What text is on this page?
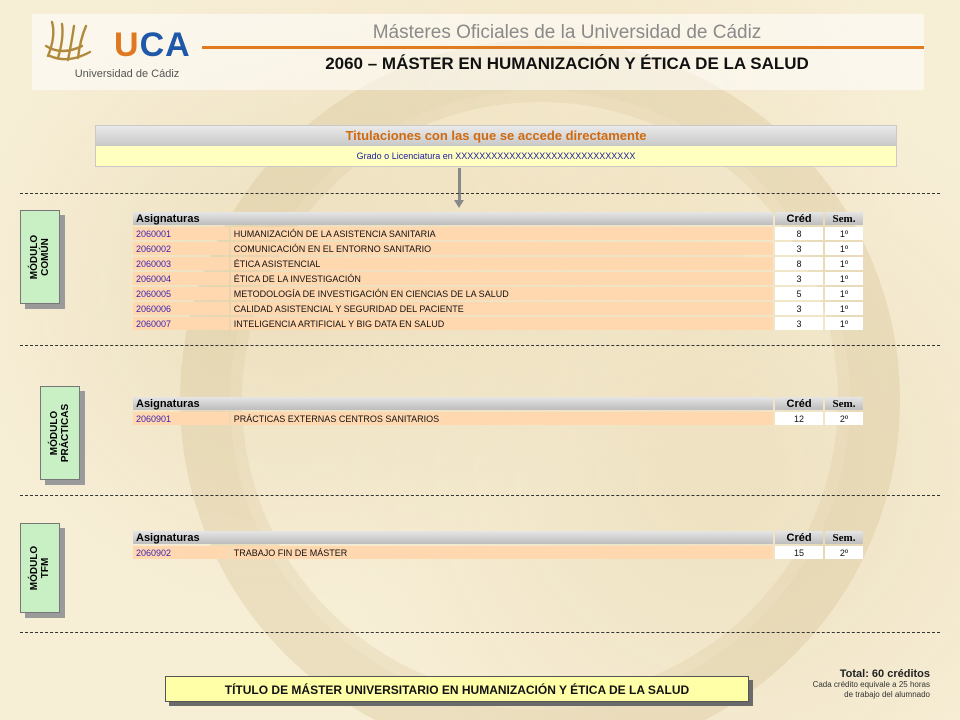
UCA
Universidad de Cádiz
Másteres Oficiales de la Universidad de Cádiz
2060 – MÁSTER EN HUMANIZACIÓN Y ÉTICA DE LA SALUD
Titulaciones con las que se accede directamente
Grado o Licenciatura en XXXXXXXXXXXXXXXXXXXXXXXXXXXXXX
MÓDULO COMÚN
Asignaturas		Créd	Sem.
2060001	HUMANIZACIÓN DE LA ASISTENCIA SANITARIA	8	1º
2060002	COMUNICACIÓN EN EL ENTORNO SANITARIO	3	1º
2060003	ÉTICA ASISTENCIAL	8	1º
2060004	ÉTICA DE LA INVESTIGACIÓN	3	1º
2060005	METODOLOGÍA DE INVESTIGACIÓN EN CIENCIAS DE LA SALUD	5	1º
2060006	CALIDAD ASISTENCIAL Y SEGURIDAD DEL PACIENTE	3	1º
2060007	INTELIGENCIA ARTIFICIAL Y BIG DATA EN SALUD	3	1º
MÓDULO PRÁCTICAS
Asignaturas		Créd	Sem.
2060901	PRÁCTICAS EXTERNAS CENTROS SANITARIOS	12	2º
MÓDULO TFM
Asignaturas		Créd	Sem.
2060902	TRABAJO FIN DE MÁSTER	15	2º
Total: 60 créditos
Cada crédito equivale a 25 horas
de trabajo del alumnado
TÍTULO DE MÁSTER UNIVERSITARIO EN HUMANIZACIÓN Y ÉTICA DE LA SALUD
